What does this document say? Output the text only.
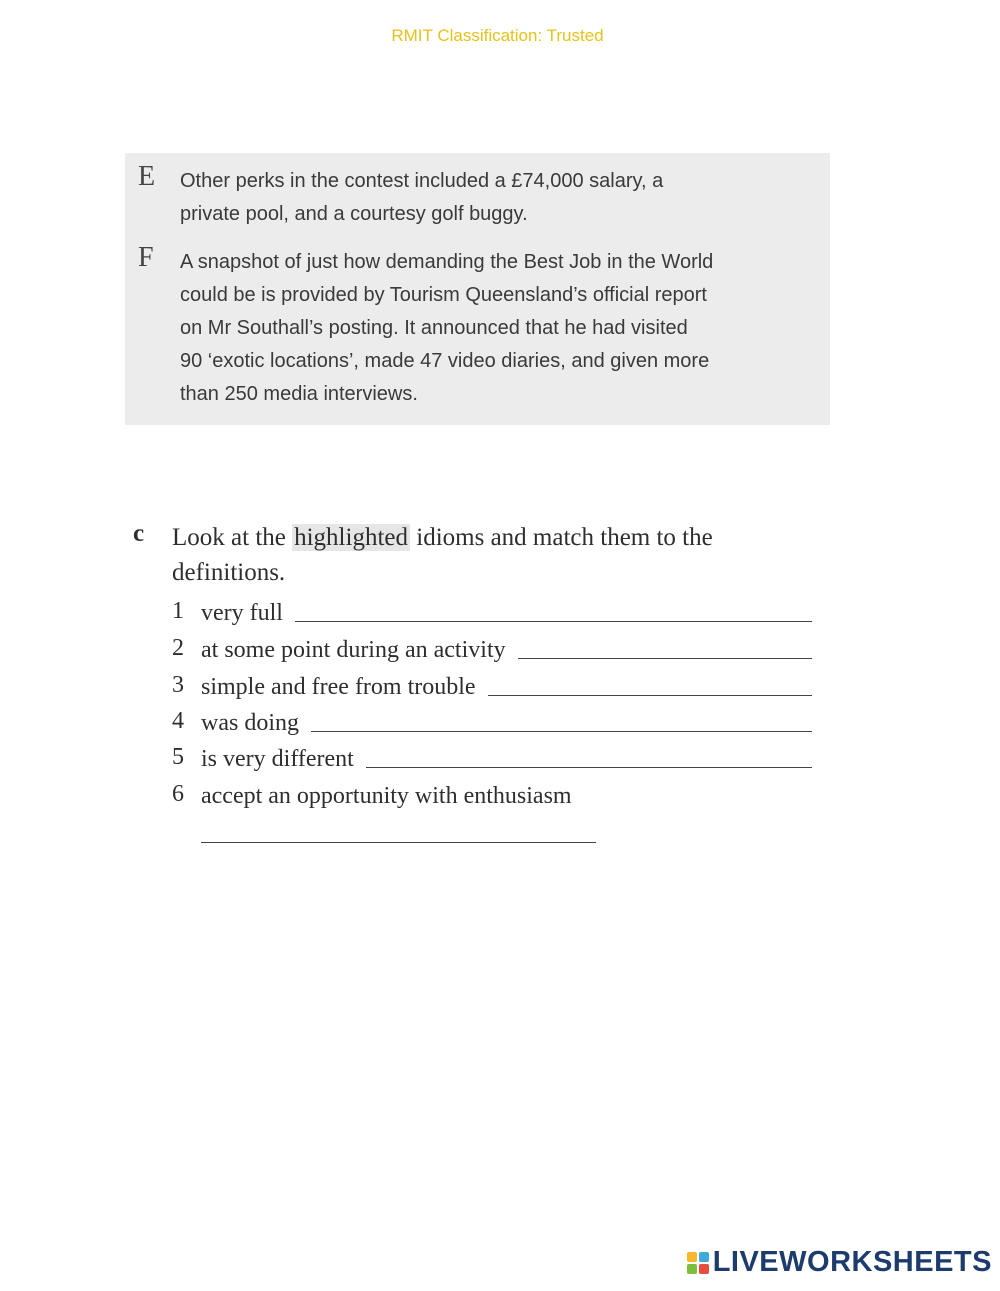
RMIT Classification: Trusted
E Other perks in the contest included a £74,000 salary, a
private pool, and a courtesy golf buggy.
F A snapshot of just how demanding the Best Job in the World
could be is provided by Tourism Queensland’s official report
on Mr Southall’s posting. It announced that he had visited
90 ‘exotic locations’, made 47 video diaries, and given more
than 250 media interviews.
c Look at the highlighted idioms and match them to the
definitions.
1 very full
2 at some point during an activity
3 simple and free from trouble
4 was doing
5 is very different
6 accept an opportunity with enthusiasm
LIVEWORKSHEETS
